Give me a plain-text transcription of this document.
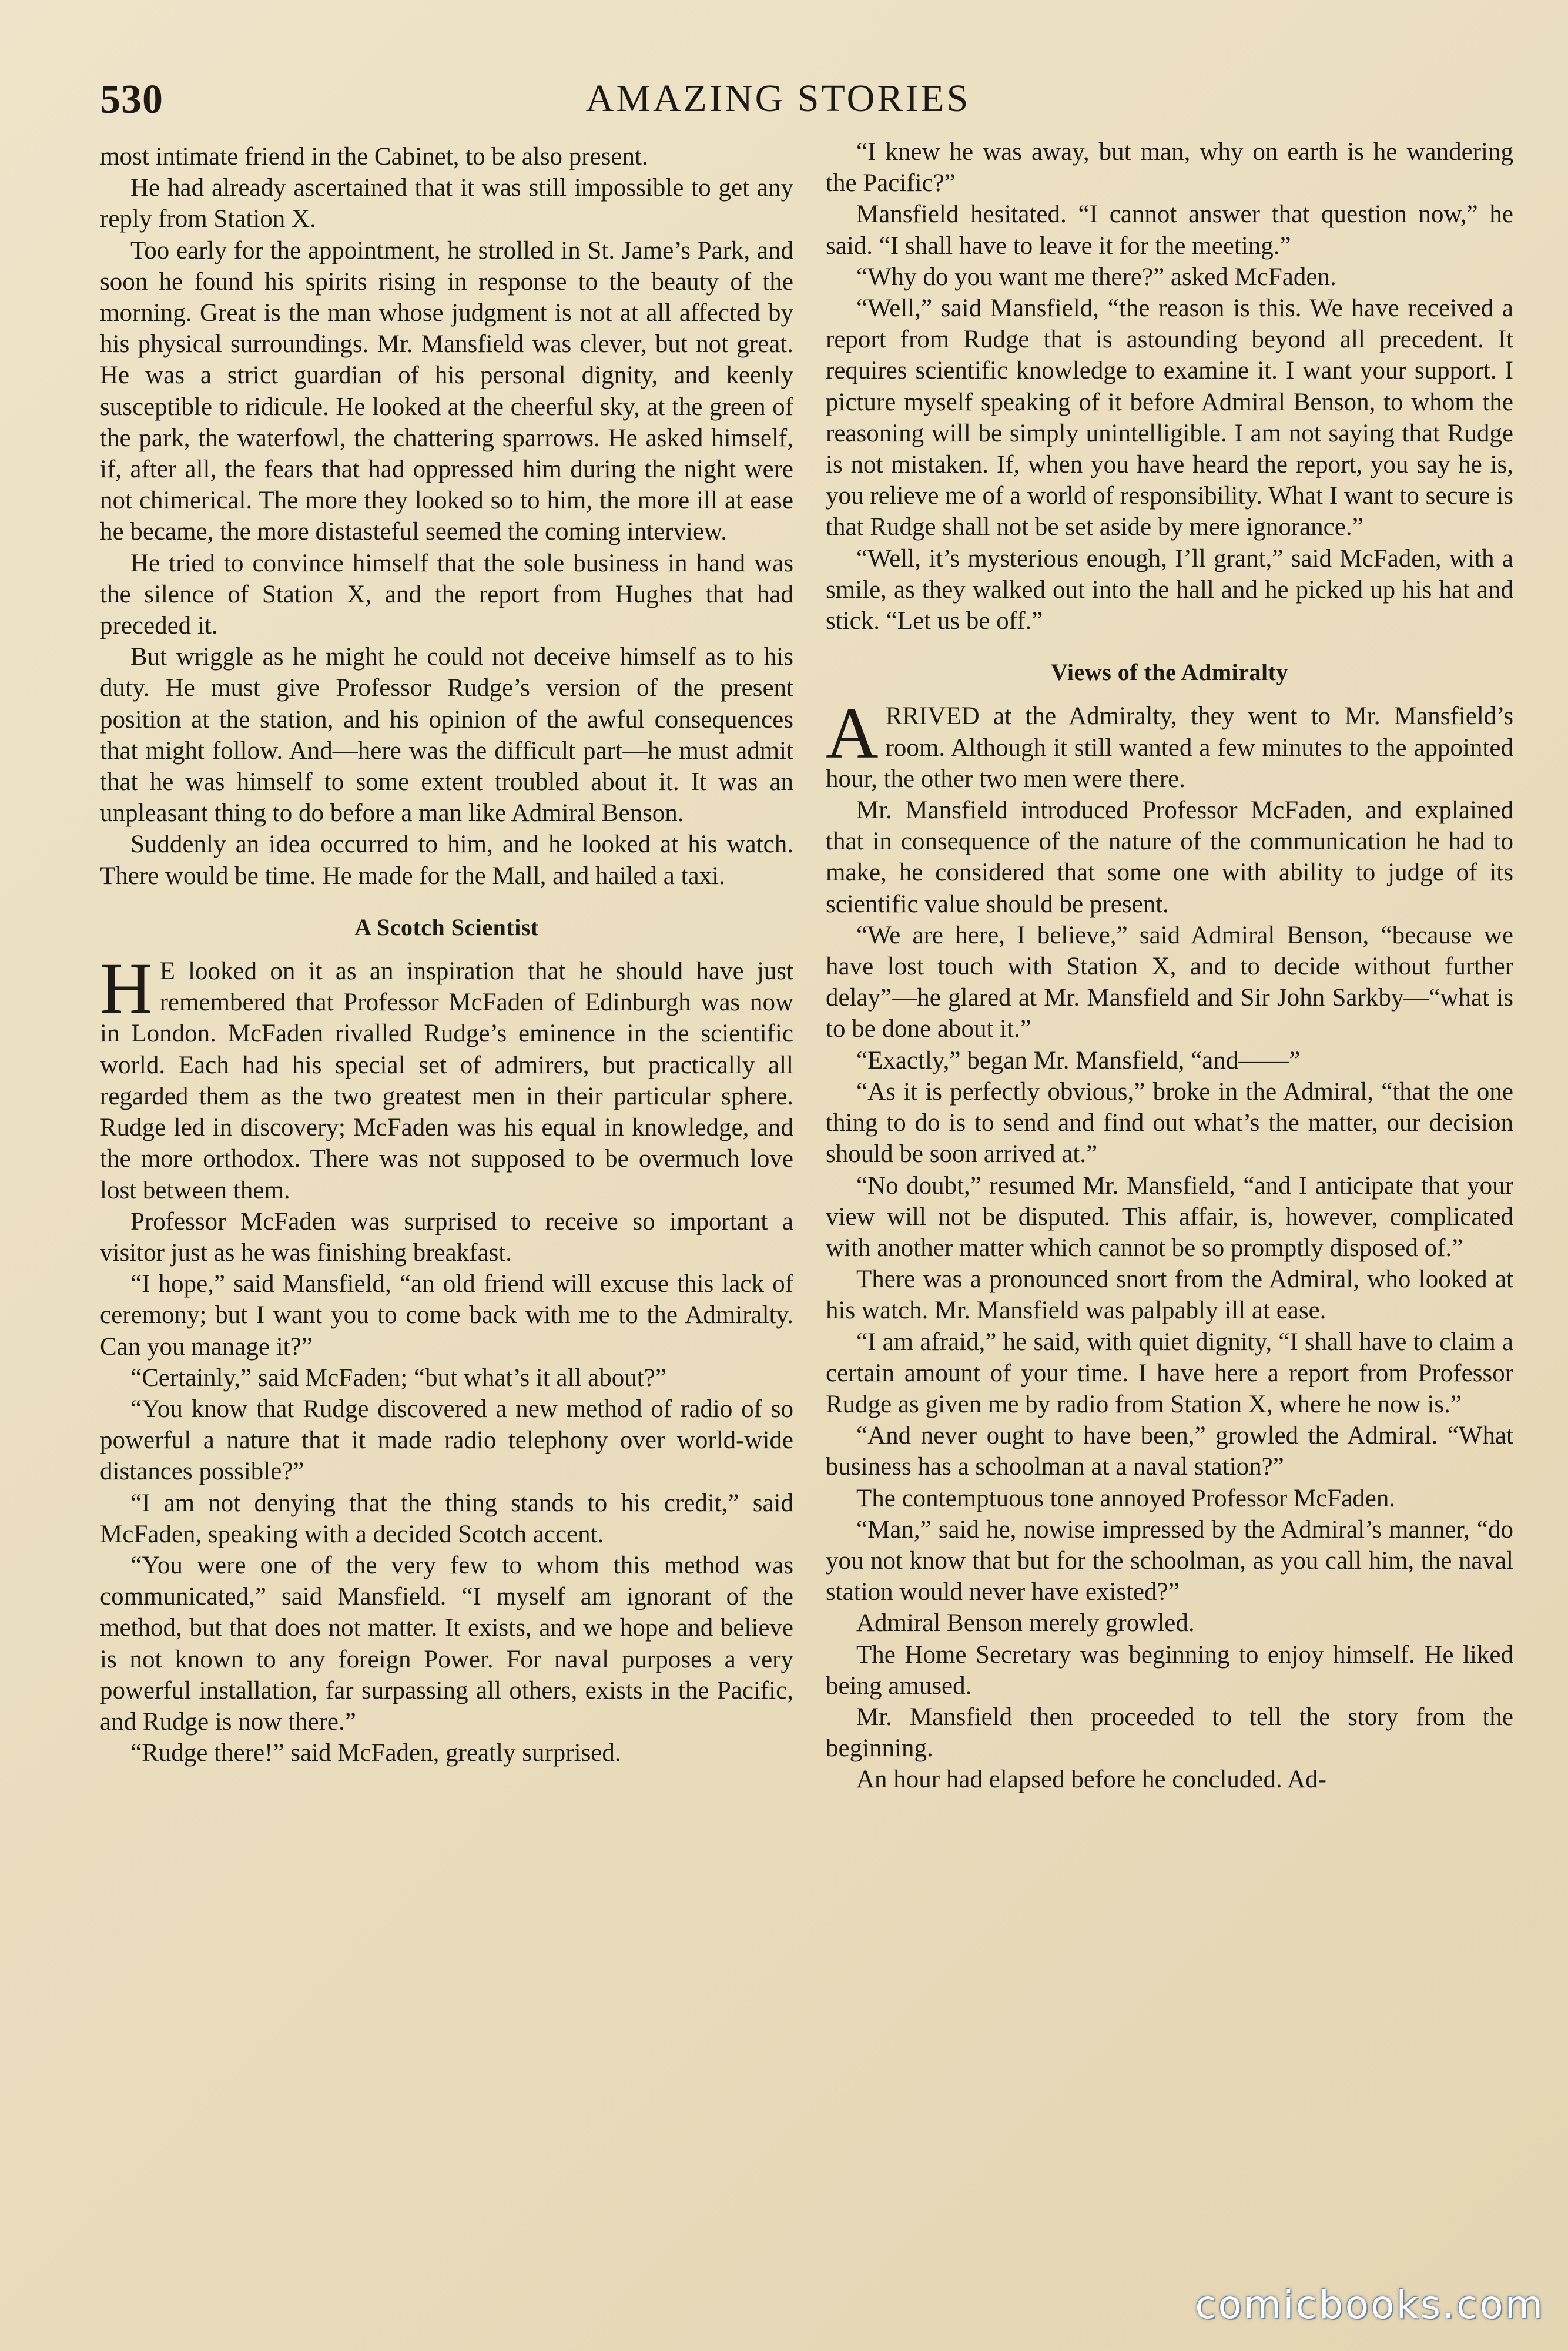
530	AMAZING STORIES

most intimate friend in the Cabinet, to be also present.

He had already ascertained that it was still impossible to get any reply from Station X.

Too early for the appointment, he strolled in St. Jame’s Park, and soon he found his spirits rising in response to the beauty of the morning. Great is the man whose judgment is not at all affected by his physical surroundings. Mr. Mansfield was clever, but not great. He was a strict guardian of his personal dignity, and keenly susceptible to ridicule. He looked at the cheerful sky, at the green of the park, the waterfowl, the chattering sparrows. He asked himself, if, after all, the fears that had oppressed him during the night were not chimerical. The more they looked so to him, the more ill at ease he became, the more distasteful seemed the coming interview.

He tried to convince himself that the sole business in hand was the silence of Station X, and the report from Hughes that had preceded it.

But wriggle as he might he could not deceive himself as to his duty. He must give Professor Rudge’s version of the present position at the station, and his opinion of the awful consequences that might follow. And—here was the difficult part—he must admit that he was himself to some extent troubled about it. It was an unpleasant thing to do before a man like Admiral Benson.

Suddenly an idea occurred to him, and he looked at his watch. There would be time. He made for the Mall, and hailed a taxi.

A Scotch Scientist

H E looked on it as an inspiration that he should have just remembered that Professor McFaden of Edinburgh was now in London. McFaden rivalled Rudge’s eminence in the scientific world. Each had his special set of admirers, but practically all regarded them as the two greatest men in their particular sphere. Rudge led in discovery; McFaden was his equal in knowledge, and the more orthodox. There was not supposed to be overmuch love lost between them.

Professor McFaden was surprised to receive so important a visitor just as he was finishing breakfast.

“I hope,” said Mansfield, “an old friend will excuse this lack of ceremony; but I want you to come back with me to the Admiralty. Can you manage it?”

“Certainly,” said McFaden; “but what’s it all about?”

“You know that Rudge discovered a new method of radio of so powerful a nature that it made radio telephony over world-wide distances possible?”

“I am not denying that the thing stands to his credit,” said McFaden, speaking with a decided Scotch accent.

“You were one of the very few to whom this method was communicated,” said Mansfield. “I myself am ignorant of the method, but that does not matter. It exists, and we hope and believe is not known to any foreign Power. For naval purposes a very powerful installation, far surpassing all others, exists in the Pacific, and Rudge is now there.”

“Rudge there!” said McFaden, greatly surprised.

“I knew he was away, but man, why on earth is he wandering the Pacific?”

Mansfield hesitated. “I cannot answer that question now,” he said. “I shall have to leave it for the meeting.”

“Why do you want me there?” asked McFaden.

“Well,” said Mansfield, “the reason is this. We have received a report from Rudge that is astounding beyond all precedent. It requires scientific knowledge to examine it. I want your support. I picture myself speaking of it before Admiral Benson, to whom the reasoning will be simply unintelligible. I am not saying that Rudge is not mistaken. If, when you have heard the report, you say he is, you relieve me of a world of responsibility. What I want to secure is that Rudge shall not be set aside by mere ignorance.”

“Well, it’s mysterious enough, I’ll grant,” said McFaden, with a smile, as they walked out into the hall and he picked up his hat and stick. “Let us be off.”

Views of the Admiralty

ARRIVED at the Admiralty, they went to Mr. Mansfield’s room. Although it still wanted a few minutes to the appointed hour, the other two men were there.

Mr. Mansfield introduced Professor McFaden, and explained that in consequence of the nature of the communication he had to make, he considered that some one with ability to judge of its scientific value should be present.

“We are here, I believe,” said Admiral Benson, “because we have lost touch with Station X, and to decide without further delay”—he glared at Mr. Mansfield and Sir John Sarkby—“what is to be done about it.”

“Exactly,” began Mr. Mansfield, “and——”

“As it is perfectly obvious,” broke in the Admiral, “that the one thing to do is to send and find out what’s the matter, our decision should be soon arrived at.”

“No doubt,” resumed Mr. Mansfield, “and I anticipate that your view will not be disputed. This affair, is, however, complicated with another matter which cannot be so promptly disposed of.”

There was a pronounced snort from the Admiral, who looked at his watch. Mr. Mansfield was palpably ill at ease.

“I am afraid,” he said, with quiet dignity, “I shall have to claim a certain amount of your time. I have here a report from Professor Rudge as given me by radio from Station X, where he now is.”

“And never ought to have been,” growled the Admiral. “What business has a schoolman at a naval station?”

The contemptuous tone annoyed Professor McFaden.

“Man,” said he, nowise impressed by the Admiral’s manner, “do you not know that but for the schoolman, as you call him, the naval station would never have existed?”

Admiral Benson merely growled.

The Home Secretary was beginning to enjoy himself. He liked being amused.

Mr. Mansfield then proceeded to tell the story from the beginning.

An hour had elapsed before he concluded. Ad-

comicbooks.com
